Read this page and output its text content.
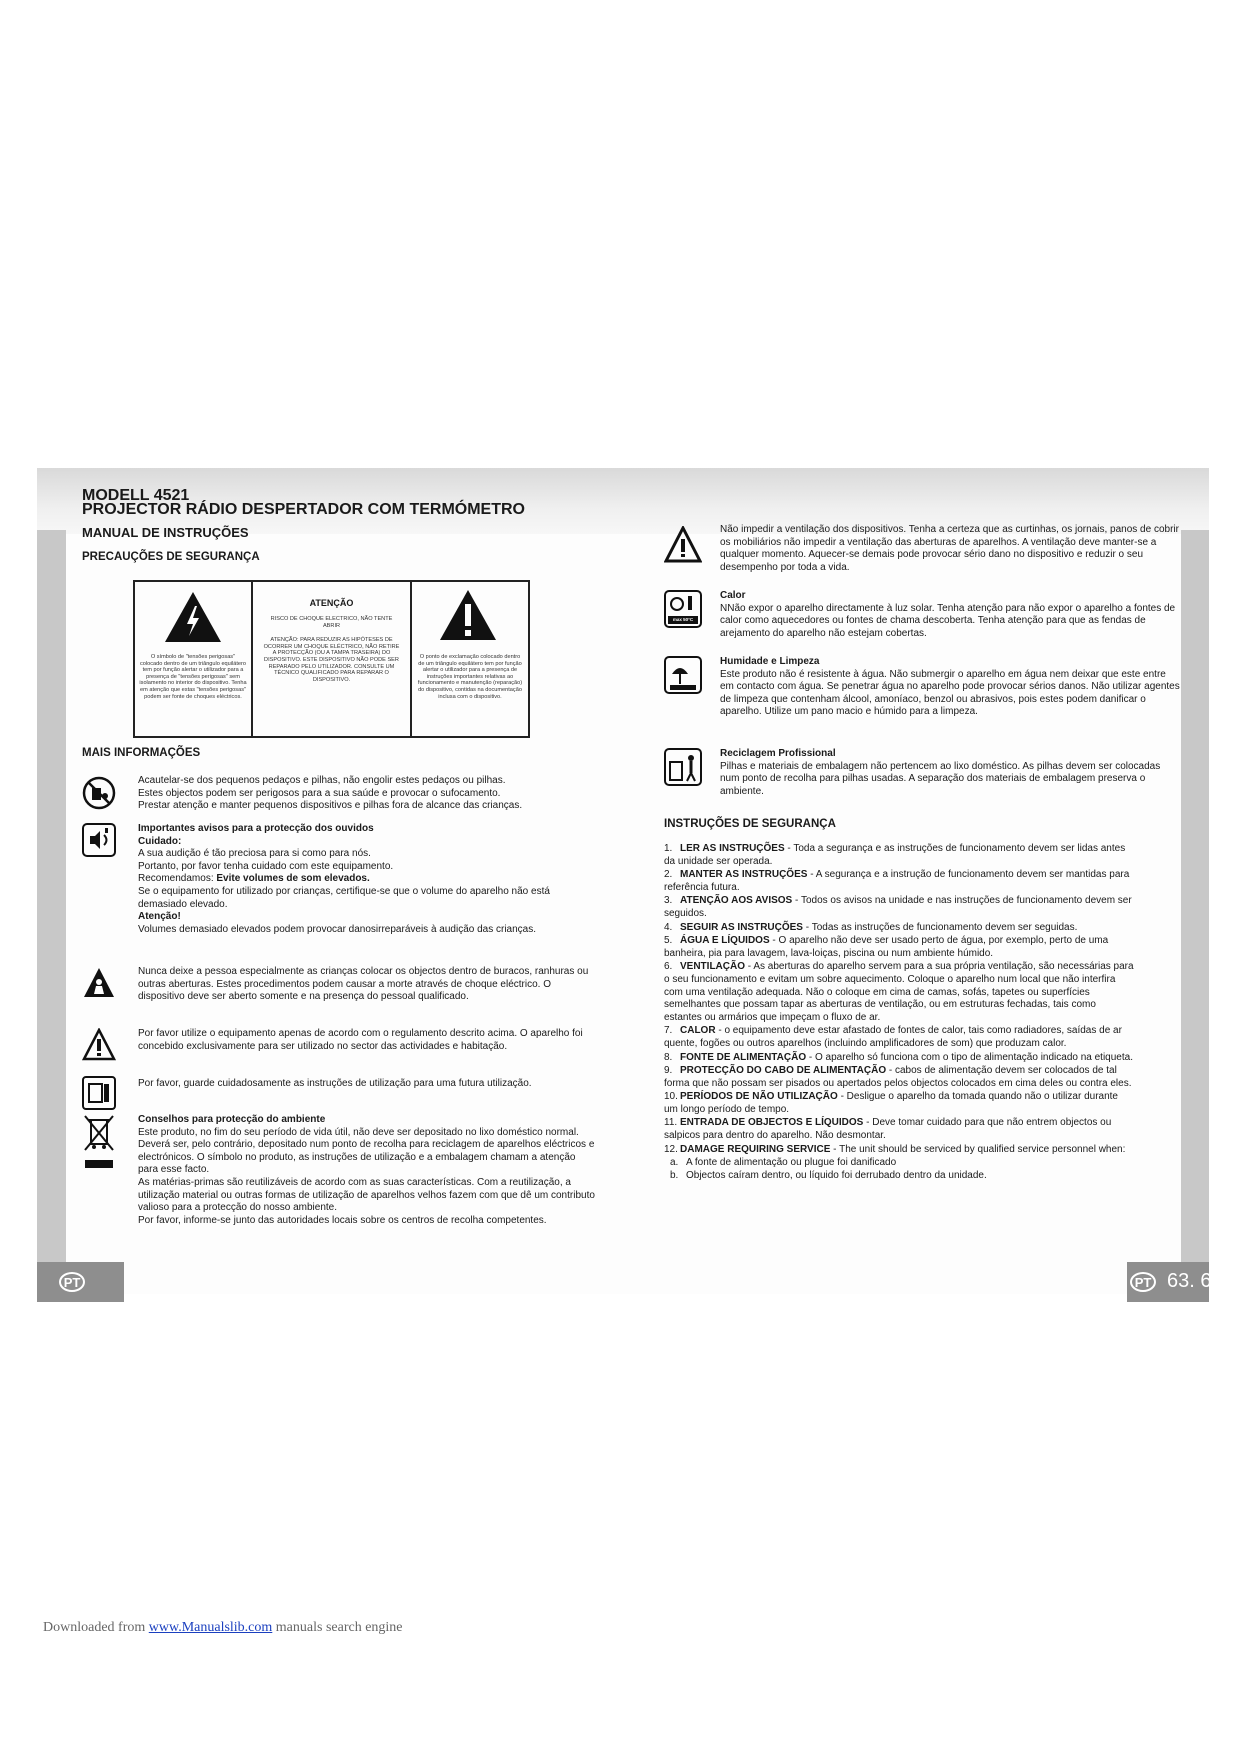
MODELL 4521
PROJECTOR RÁDIO DESPERTADOR COM TERMÓMETRO
MANUAL DE INSTRUÇÕES
PRECAUÇÕES DE SEGURANÇA
O símbolo de "tensões perigosas" colocado dentro de um triângulo equilátero tem por função alertar o utilizador para a presença de "tensões perigosas" sem isolamento no interior do dispositivo. Tenha em atenção que estas "tensões perigosas" podem ser fonte de choques eléctricos.
ATENÇÃO
RISCO DE CHOQUE ELECTRICO, NÃO TENTE ABRIR
ATENÇÃO: PARA REDUZIR AS HIPÓTESES DE OCORRER UM CHOQUE ELÉCTRICO, NÃO RETIRE A PROTECÇÃO (OU A TAMPA TRASEIRA) DO DISPOSITIVO. ESTE DISPOSITIVO NÃO PODE SER REPARADO PELO UTILIZADOR. CONSULTE UM TÉCNICO QUALIFICADO PARA REPARAR O DISPOSITIVO.
O ponto de exclamação colocado dentro de um triângulo equilátero tem por função alertar o utilizador para a presença de instruções importantes relativas ao funcionamento e manutenção (reparação) do dispositivo, contidas na documentação inclusa com o dispositivo.
MAIS INFORMAÇÕES
Acautelar-se dos pequenos pedaços e pilhas, não engolir estes pedaços ou pilhas.
Estes objectos podem ser perigosos para a sua saúde e provocar o sufocamento.
Prestar atenção e manter pequenos dispositivos e pilhas fora de alcance das crianças.
Importantes avisos para a protecção dos ouvidos
Cuidado:
A sua audição é tão preciosa para si como para nós.
Portanto, por favor tenha cuidado com este equipamento.
Recomendamos: Evite volumes de som elevados.
Se o equipamento for utilizado por crianças, certifique-se que o volume do aparelho não está demasiado elevado.
Atenção!
Volumes demasiado elevados podem provocar danosirreparáveis à audição das crianças.
Nunca deixe a pessoa especialmente as crianças colocar os objectos dentro de buracos, ranhuras ou outras aberturas. Estes procedimentos podem causar a morte através de choque eléctrico. O dispositivo deve ser aberto somente e na presença do pessoal qualificado.
Por favor utilize o equipamento apenas de acordo com o regulamento descrito acima. O aparelho foi concebido exclusivamente para ser utilizado no sector das actividades e habitação.
Por favor, guarde cuidadosamente as instruções de utilização para uma futura utilização.
Conselhos para protecção do ambiente
Este produto, no fim do seu período de vida útil, não deve ser depositado no lixo doméstico normal. Deverá ser, pelo contrário, depositado num ponto de recolha para reciclagem de aparelhos eléctricos e electrónicos. O símbolo no produto, as instruções de utilização e a embalagem chamam a atenção para esse facto.
As matérias-primas são reutilizáveis de acordo com as suas características. Com a reutilização, a utilização material ou outras formas de utilização de aparelhos velhos fazem com que dê um contributo valioso para a protecção do nosso ambiente.
Por favor, informe-se junto das autoridades locais sobre os centros de recolha competentes.
Não impedir a ventilação dos dispositivos. Tenha a certeza que as curtinhas, os jornais, panos de cobrir os mobiliários não impedir a ventilação das aberturas de aparelhos. A ventilação deve manter-se a qualquer momento. Aquecer-se demais pode provocar sério dano no dispositivo e reduzir o seu desempenho por toda a vida.
max 50°C
Calor
NNão expor o aparelho directamente à luz solar. Tenha atenção para não expor o aparelho a fontes de calor como aquecedores ou fontes de chama descoberta. Tenha atenção para que as fendas de arejamento do aparelho não estejam cobertas.
Humidade e Limpeza
Este produto não é resistente à água. Não submergir o aparelho em água nem deixar que este entre em contacto com água. Se penetrar água no aparelho pode provocar sérios danos. Não utilizar agentes de limpeza que contenham álcool, amoníaco, benzol ou abrasivos, pois estes podem danificar o aparelho. Utilize um pano macio e húmido para a limpeza.
Reciclagem Profissional
Pilhas e materiais de embalagem não pertencem ao lixo doméstico. As pilhas devem ser colocadas num ponto de recolha para pilhas usadas. A separação dos materiais de embalagem preserva o ambiente.
INSTRUÇÕES DE SEGURANÇA
1. LER AS INSTRUÇÕES - Toda a segurança e as instruções de funcionamento devem ser lidas antes da unidade ser operada.
2. MANTER AS INSTRUÇÕES - A segurança e a instrução de funcionamento devem ser mantidas para referência futura.
3. ATENÇÃO AOS AVISOS - Todos os avisos na unidade e nas instruções de funcionamento devem ser seguidos.
4. SEGUIR AS INSTRUÇÕES - Todas as instruções de funcionamento devem ser seguidas.
5. ÁGUA E LÍQUIDOS - O aparelho não deve ser usado perto de água, por exemplo, perto de uma banheira, pia para lavagem, lava-loiças, piscina ou num ambiente húmido.
6. VENTILAÇÃO - As aberturas do aparelho servem para a sua própria ventilação, são necessárias para o seu funcionamento e evitam um sobre aquecimento. Coloque o aparelho num local que não interfira com uma ventilação adequada. Não o coloque em cima de camas, sofás, tapetes ou superfícies semelhantes que possam tapar as aberturas de ventilação, ou em estruturas fechadas, tais como estantes ou armários que impeçam o fluxo de ar.
7. CALOR - o equipamento deve estar afastado de fontes de calor, tais como radiadores, saídas de ar quente, fogões ou outros aparelhos (incluindo amplificadores de som) que produzam calor.
8. FONTE DE ALIMENTAÇÃO - O aparelho só funciona com o tipo de alimentação indicado na etiqueta.
9. PROTECÇÃO DO CABO DE ALIMENTAÇÃO - cabos de alimentação devem ser colocados de tal forma que não possam ser pisados ou apertados pelos objectos colocados em cima deles ou contra eles.
10. PERÍODOS DE NÃO UTILIZAÇÃO - Desligue o aparelho da tomada quando não o utilizar durante um longo período de tempo.
11. ENTRADA DE OBJECTOS E LÍQUIDOS - Deve tomar cuidado para que não entrem objectos ou salpicos para dentro do aparelho. Não desmontar.
12. DAMAGE REQUIRING SERVICE - The unit should be serviced by qualified service personnel when:
a. A fonte de alimentação ou plugue foi danificado
b. Objectos caíram dentro, ou líquido foi derrubado dentro da unidade.
PT	PT 63. 6
Downloaded from www.Manualslib.com manuals search engine
